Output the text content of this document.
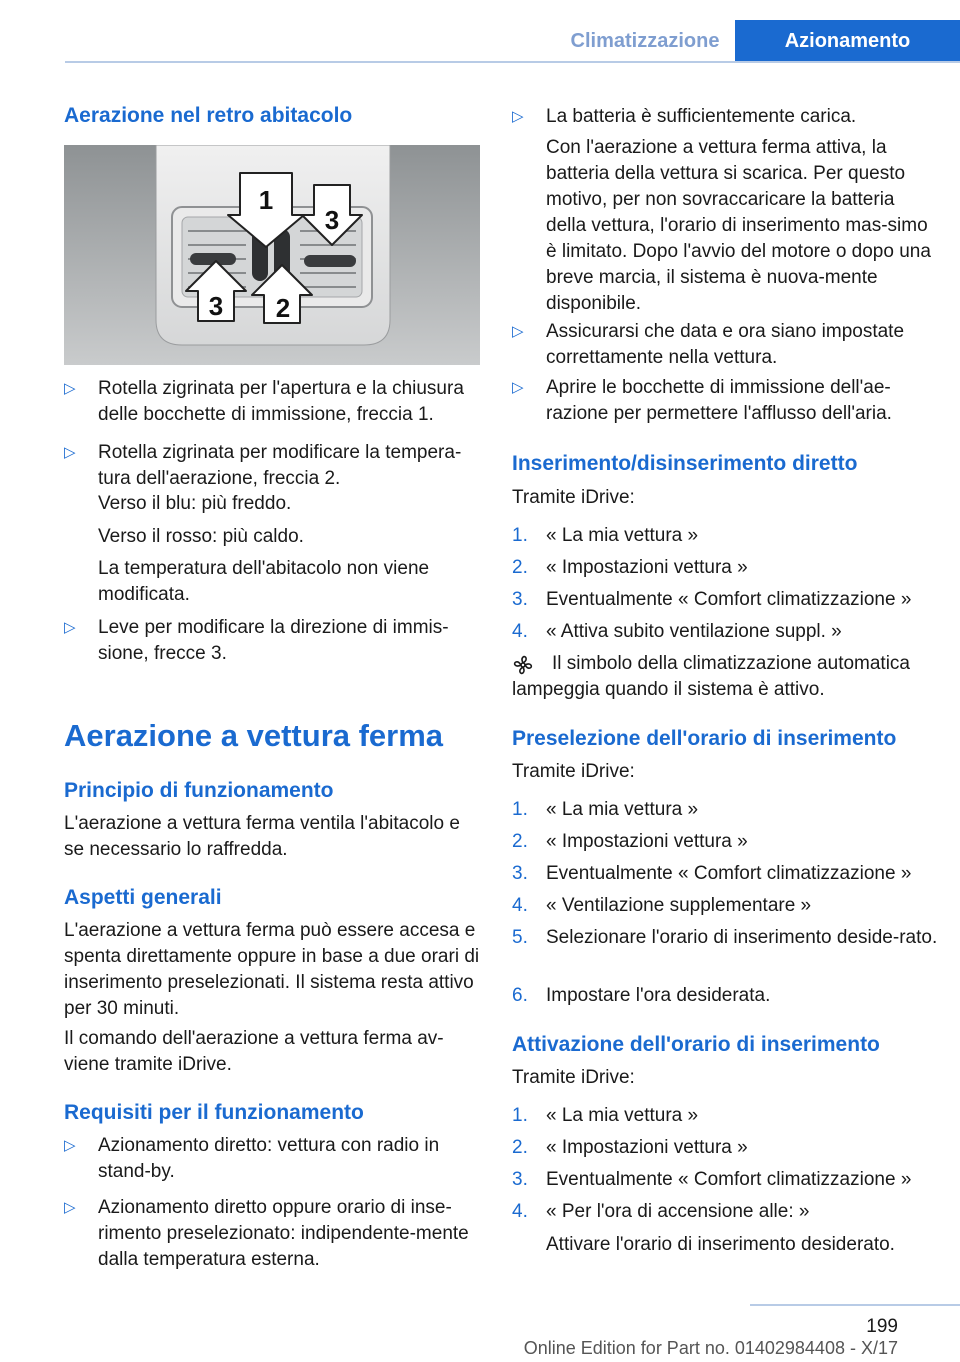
Climatizzazione	Azionamento
Aerazione nel retro abitacolo
1
2
3
3
▷ Rotella zigrinata per l'apertura e la chiusura delle bocchette di immissione, freccia 1.
▷ Rotella zigrinata per modificare la tempera‐tura dell'aerazione, freccia 2.
Verso il blu: più freddo.
Verso il rosso: più caldo.
La temperatura dell'abitacolo non viene modificata.
▷ Leve per modificare la direzione di immis‐sione, frecce 3.
Aerazione a vettura ferma
Principio di funzionamento
L'aerazione a vettura ferma ventila l'abitacolo e se necessario lo raffredda.
Aspetti generali
L'aerazione a vettura ferma può essere accesa e spenta direttamente oppure in base a due orari di inserimento preselezionati. Il sistema resta attivo per 30 minuti.
Il comando dell'aerazione a vettura ferma av‐viene tramite iDrive.
Requisiti per il funzionamento
▷ Azionamento diretto: vettura con radio in stand-by.
▷ Azionamento diretto oppure orario di inse‐rimento preselezionato: indipendente‐mente dalla temperatura esterna.
▷ La batteria è sufficientemente carica.
Con l'aerazione a vettura ferma attiva, la batteria della vettura si scarica. Per questo motivo, per non sovraccaricare la batteria della vettura, l'orario di inserimento mas‐simo è limitato. Dopo l'avvio del motore o dopo una breve marcia, il sistema è nuova‐mente disponibile.
▷ Assicurarsi che data e ora siano impostate correttamente nella vettura.
▷ Aprire le bocchette di immissione dell'ae‐razione per permettere l'afflusso dell'aria.
Inserimento/disinserimento diretto
Tramite iDrive:
1. « La mia vettura »
2. « Impostazioni vettura »
3. Eventualmente « Comfort climatizzazione »
4. « Attiva subito ventilazione suppl. »
Il simbolo della climatizzazione automatica lampeggia quando il sistema è attivo.
Preselezione dell'orario di inserimento
Tramite iDrive:
1. « La mia vettura »
2. « Impostazioni vettura »
3. Eventualmente « Comfort climatizzazione »
4. « Ventilazione supplementare »
5. Selezionare l'orario di inserimento deside‐rato.
6. Impostare l'ora desiderata.
Attivazione dell'orario di inserimento
Tramite iDrive:
1. « La mia vettura »
2. « Impostazioni vettura »
3. Eventualmente « Comfort climatizzazione »
4. « Per l'ora di accensione alle: »
Attivare l'orario di inserimento desiderato.
199
Online Edition for Part no. 01402984408 - X/17
